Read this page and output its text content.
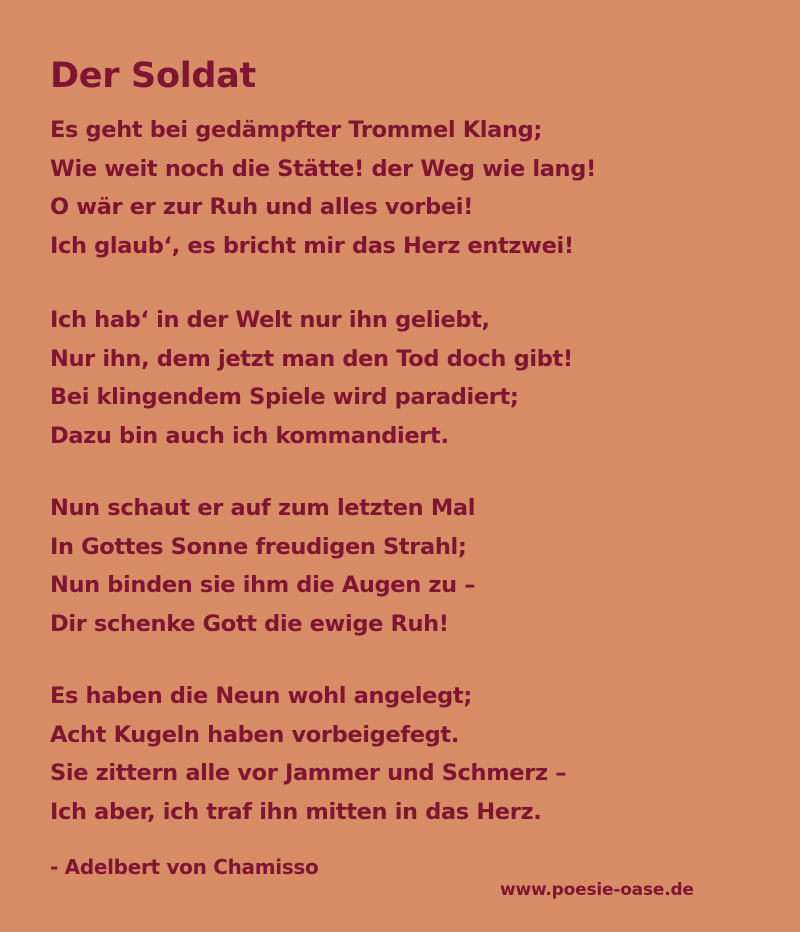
Der Soldat
Es geht bei gedämpfter Trommel Klang;
Wie weit noch die Stätte! der Weg wie lang!
O wär er zur Ruh und alles vorbei!
Ich glaub‘, es bricht mir das Herz entzwei!
Ich hab‘ in der Welt nur ihn geliebt,
Nur ihn, dem jetzt man den Tod doch gibt!
Bei klingendem Spiele wird paradiert;
Dazu bin auch ich kommandiert.
Nun schaut er auf zum letzten Mal
In Gottes Sonne freudigen Strahl;
Nun binden sie ihm die Augen zu –
Dir schenke Gott die ewige Ruh!
Es haben die Neun wohl angelegt;
Acht Kugeln haben vorbeigefegt.
Sie zittern alle vor Jammer und Schmerz –
Ich aber, ich traf ihn mitten in das Herz.

- Adelbert von Chamisso

www.poesie-oase.de
